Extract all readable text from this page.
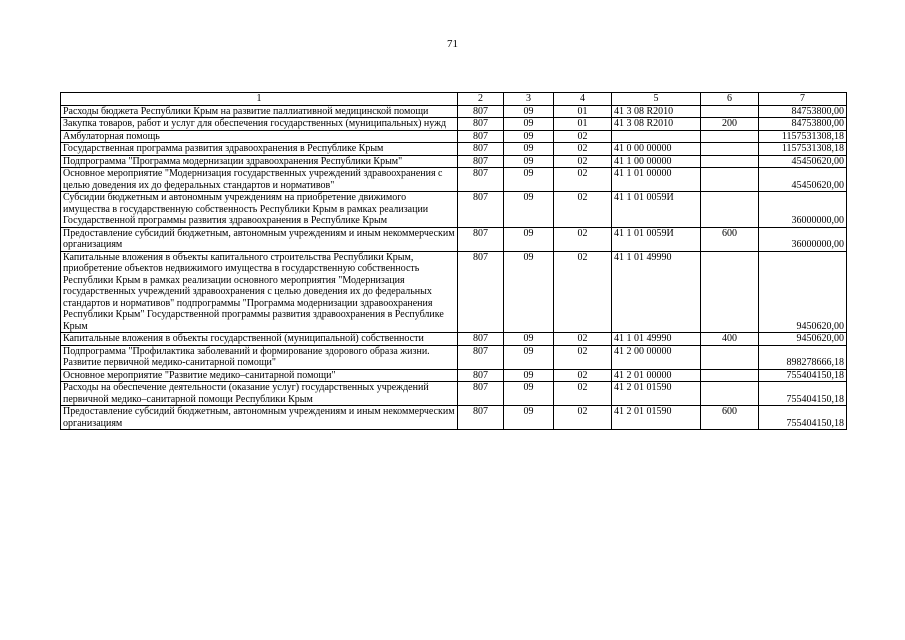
71
1	2	3	4	5	6	7
Расходы бюджета Республики Крым на развитие паллиативной медицинской помощи	807	09	01	41 3 08 R2010		84753800,00
Закупка товаров, работ и услуг для обеспечения государственных (муниципальных) нужд	807	09	01	41 3 08 R2010	200	84753800,00
Амбулаторная помощь	807	09	02			1157531308,18
Государственная программа развития здравоохранения в Республике Крым	807	09	02	41 0 00 00000		1157531308,18
Подпрограмма "Программа модернизации здравоохранения Республики Крым"	807	09	02	41 1 00 00000		45450620,00
Основное мероприятие "Модернизация государственных учреждений здравоохранения с целью доведения их до федеральных стандартов и нормативов"	807	09	02	41 1 01 00000		45450620,00
Субсидии бюджетным и автономным учреждениям на приобретение движимого имущества в государственную собственность Республики Крым в рамках реализации Государственной программы развития здравоохранения в Республике Крым	807	09	02	41 1 01 0059И		36000000,00
Предоставление субсидий бюджетным, автономным учреждениям и иным некоммерческим организациям	807	09	02	41 1 01 0059И	600	36000000,00
Капитальные вложения в объекты капитального строительства Республики Крым, приобретение объектов недвижимого имущества в государственную собственность Республики Крым в рамках реализации основного мероприятия "Модернизация государственных учреждений здравоохранения с целью доведения их до федеральных стандартов и нормативов" подпрограммы "Программа модернизации здравоохранения Республики Крым" Государственной программы развития здравоохранения в Республике Крым	807	09	02	41 1 01 49990		9450620,00
Капитальные вложения в объекты государственной (муниципальной) собственности	807	09	02	41 1 01 49990	400	9450620,00
Подпрограмма "Профилактика заболеваний и формирование здорового образа жизни. Развитие первичной медико-санитарной помощи"	807	09	02	41 2 00 00000		898278666,18
Основное мероприятие "Развитие медико–санитарной помощи"	807	09	02	41 2 01 00000		755404150,18
Расходы на обеспечение деятельности (оказание услуг) государственных учреждений первичной медико–санитарной помощи Республики Крым	807	09	02	41 2 01 01590		755404150,18
Предоставление субсидий бюджетным, автономным учреждениям и иным некоммерческим организациям	807	09	02	41 2 01 01590	600	755404150,18
